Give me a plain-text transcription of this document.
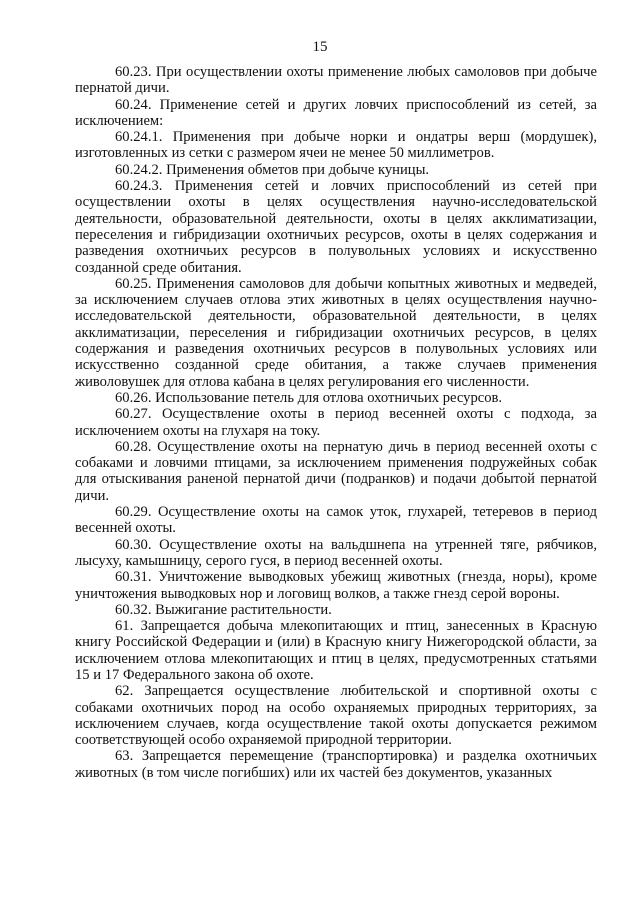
15

60.23. При осуществлении охоты применение любых самоловов при добыче пернатой дичи.

60.24. Применение сетей и других ловчих приспособлений из сетей, за исключением:

60.24.1. Применения при добыче норки и ондатры верш (мордушек), изготовленных из сетки с размером ячеи не менее 50 миллиметров.

60.24.2. Применения обметов при добыче куницы.

60.24.3. Применения сетей и ловчих приспособлений из сетей при осуществлении охоты в целях осуществления научно-исследовательской деятельности, образовательной деятельности, охоты в целях акклиматизации, переселения и гибридизации охотничьих ресурсов, охоты в целях содержания и разведения охотничьих ресурсов в полувольных условиях и искусственно созданной среде обитания.

60.25. Применения самоловов для добычи копытных животных и медведей, за исключением случаев отлова этих животных в целях осуществления научно-исследовательской деятельности, образовательной деятельности, в целях акклиматизации, переселения и гибридизации охотничьих ресурсов, в целях содержания и разведения охотничьих ресурсов в полувольных условиях или искусственно созданной среде обитания, а также случаев применения живоловушек для отлова кабана в целях регулирования его численности.

60.26. Использование петель для отлова охотничьих ресурсов.

60.27. Осуществление охоты в период весенней охоты с подхода, за исключением охоты на глухаря на току.

60.28. Осуществление охоты на пернатую дичь в период весенней охоты с собаками и ловчими птицами, за исключением применения подружейных собак для отыскивания раненой пернатой дичи (подранков) и подачи добытой пернатой дичи.

60.29. Осуществление охоты на самок уток, глухарей, тетеревов в период весенней охоты.

60.30. Осуществление охоты на вальдшнепа на утренней тяге, рябчиков, лысуху, камышницу, серого гуся, в период весенней охоты.

60.31. Уничтожение выводковых убежищ животных (гнезда, норы), кроме уничтожения выводковых нор и логовищ волков, а также гнезд серой вороны.

60.32. Выжигание растительности.

61. Запрещается добыча млекопитающих и птиц, занесенных в Красную книгу Российской Федерации и (или) в Красную книгу Нижегородской области, за исключением отлова млекопитающих и птиц в целях, предусмотренных статьями 15 и 17 Федерального закона об охоте.

62. Запрещается осуществление любительской и спортивной охоты с собаками охотничьих пород на особо охраняемых природных территориях, за исключением случаев, когда осуществление такой охоты допускается режимом соответствующей особо охраняемой природной территории.

63. Запрещается перемещение (транспортировка) и разделка охотничьих животных (в том числе погибших) или их частей без документов, указанных
